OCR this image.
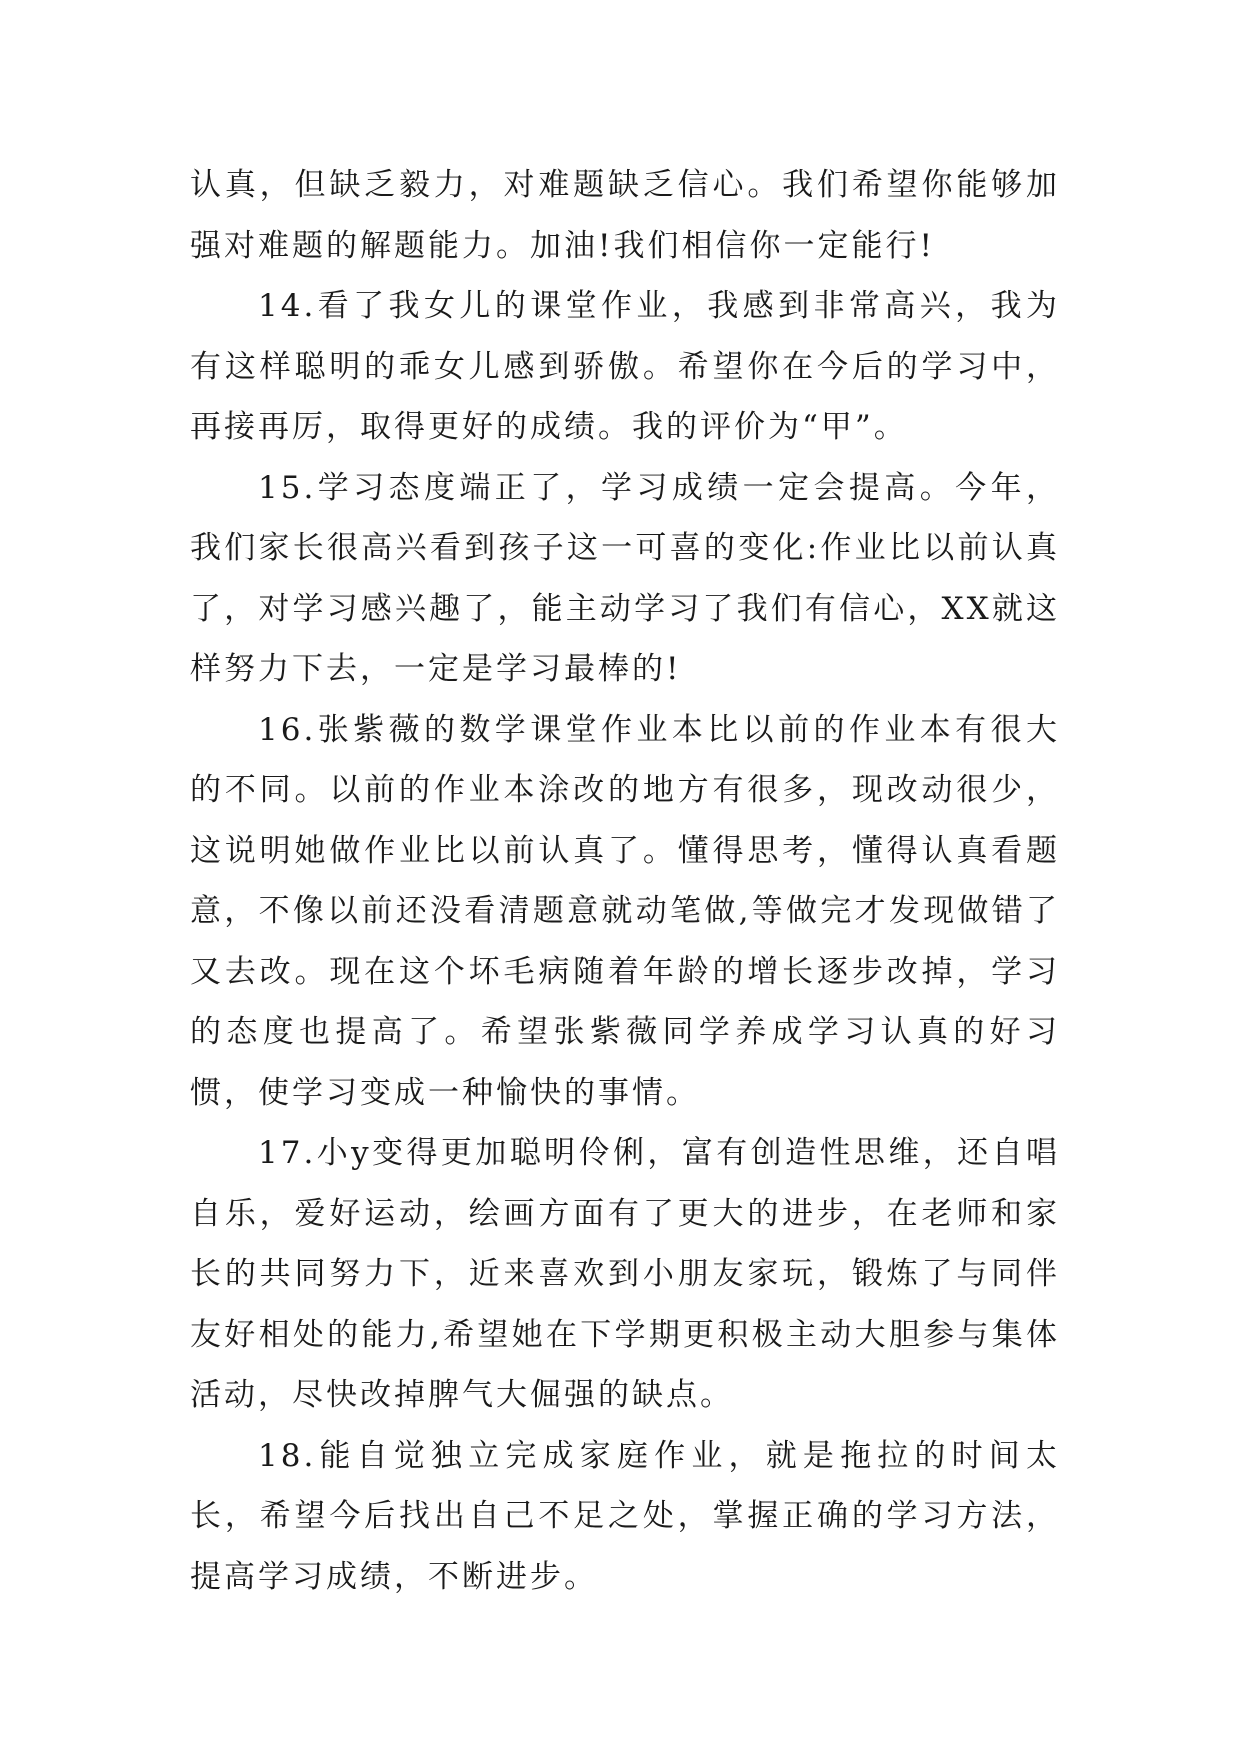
认真，但缺乏毅力，对难题缺乏信心。我们希望你能够加强对难题的解题能力。加油!我们相信你一定能行!

14.看了我女儿的课堂作业，我感到非常高兴，我为有这样聪明的乖女儿感到骄傲。希望你在今后的学习中，再接再厉，取得更好的成绩。我的评价为“甲”。

15.学习态度端正了，学习成绩一定会提高。今年，我们家长很高兴看到孩子这一可喜的变化:作业比以前认真了，对学习感兴趣了，能主动学习了我们有信心，XX就这样努力下去，一定是学习最棒的!

16.张紫薇的数学课堂作业本比以前的作业本有很大的不同。以前的作业本涂改的地方有很多，现改动很少，这说明她做作业比以前认真了。懂得思考，懂得认真看题意，不像以前还没看清题意就动笔做,等做完才发现做错了又去改。现在这个坏毛病随着年龄的增长逐步改掉，学习的态度也提高了。希望张紫薇同学养成学习认真的好习惯，使学习变成一种愉快的事情。

17.小y变得更加聪明伶俐，富有创造性思维，还自唱自乐，爱好运动，绘画方面有了更大的进步，在老师和家长的共同努力下，近来喜欢到小朋友家玩，锻炼了与同伴友好相处的能力,希望她在下学期更积极主动大胆参与集体活动，尽快改掉脾气大倔强的缺点。

18.能自觉独立完成家庭作业，就是拖拉的时间太长，希望今后找出自己不足之处，掌握正确的学习方法，提高学习成绩，不断进步。
